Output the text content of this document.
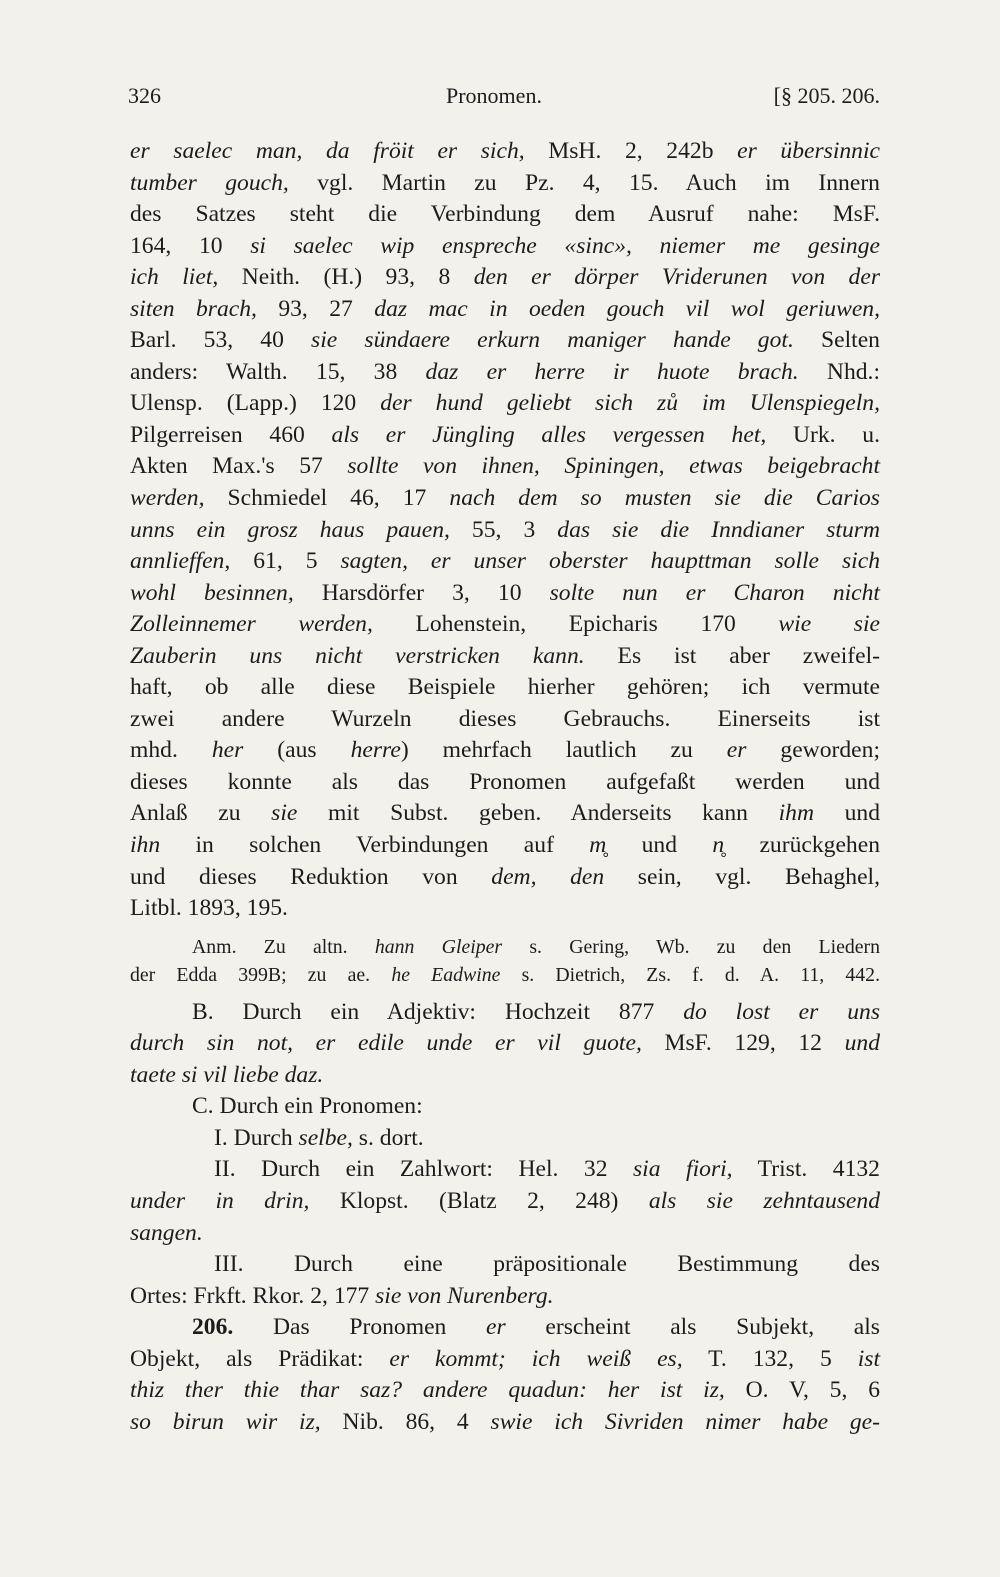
326	Pronomen.	[§ 205. 206.
er saelec man, da fröit er sich, MsH. 2, 242b er übersinnic
tumber gouch, vgl. Martin zu Pz. 4, 15. Auch im Innern
des Satzes steht die Verbindung dem Ausruf nahe: MsF.
164, 10 si saelec wip enspreche «sinc», niemer me gesinge
ich liet, Neith. (H.) 93, 8 den er dörper Vriderunen von der
siten brach, 93, 27 daz mac in oeden gouch vil wol geriuwen,
Barl. 53, 40 sie sündaere erkurn maniger hande got. Selten
anders: Walth. 15, 38 daz er herre ir huote brach. Nhd.:
Ulensp. (Lapp.) 120 der hund geliebt sich zů im Ulenspiegeln,
Pilgerreisen 460 als er Jüngling alles vergessen het, Urk. u.
Akten Max.'s 57 sollte von ihnen, Spiningen, etwas beigebracht
werden, Schmiedel 46, 17 nach dem so musten sie die Carios
unns ein grosz haus pauen, 55, 3 das sie die Inndianer sturm
annlieffen, 61, 5 sagten, er unser oberster haupttman solle sich
wohl besinnen, Harsdörfer 3, 10 solte nun er Charon nicht
Zolleinnemer werden, Lohenstein, Epicharis 170 wie sie
Zauberin uns nicht verstricken kann. Es ist aber zweifel-
haft, ob alle diese Beispiele hierher gehören; ich vermute
zwei andere Wurzeln dieses Gebrauchs. Einerseits ist
mhd. her (aus herre) mehrfach lautlich zu er geworden;
dieses konnte als das Pronomen aufgefaßt werden und
Anlaß zu sie mit Subst. geben. Anderseits kann ihm und
ihn in solchen Verbindungen auf m̥ und n̥ zurückgehen
und dieses Reduktion von dem, den sein, vgl. Behaghel,
Litbl. 1893, 195.
Anm. Zu altn. hann Gleiper s. Gering, Wb. zu den Liedern
der Edda 399B; zu ae. he Eadwine s. Dietrich, Zs. f. d. A. 11, 442.
B. Durch ein Adjektiv: Hochzeit 877 do lost er uns
durch sin not, er edile unde er vil guote, MsF. 129, 12 und
taete si vil liebe daz.
C. Durch ein Pronomen:
I. Durch selbe, s. dort.
II. Durch ein Zahlwort: Hel. 32 sia fiori, Trist. 4132
under in drin, Klopst. (Blatz 2, 248) als sie zehntausend
sangen.
III. Durch eine präpositionale Bestimmung des
Ortes: Frkft. Rkor. 2, 177 sie von Nurenberg.
206. Das Pronomen er erscheint als Subjekt, als
Objekt, als Prädikat: er kommt; ich weiß es, T. 132, 5 ist
thiz ther thie thar saz? andere quadun: her ist iz, O. V, 5, 6
so birun wir iz, Nib. 86, 4 swie ich Sivriden nimer habe ge-
